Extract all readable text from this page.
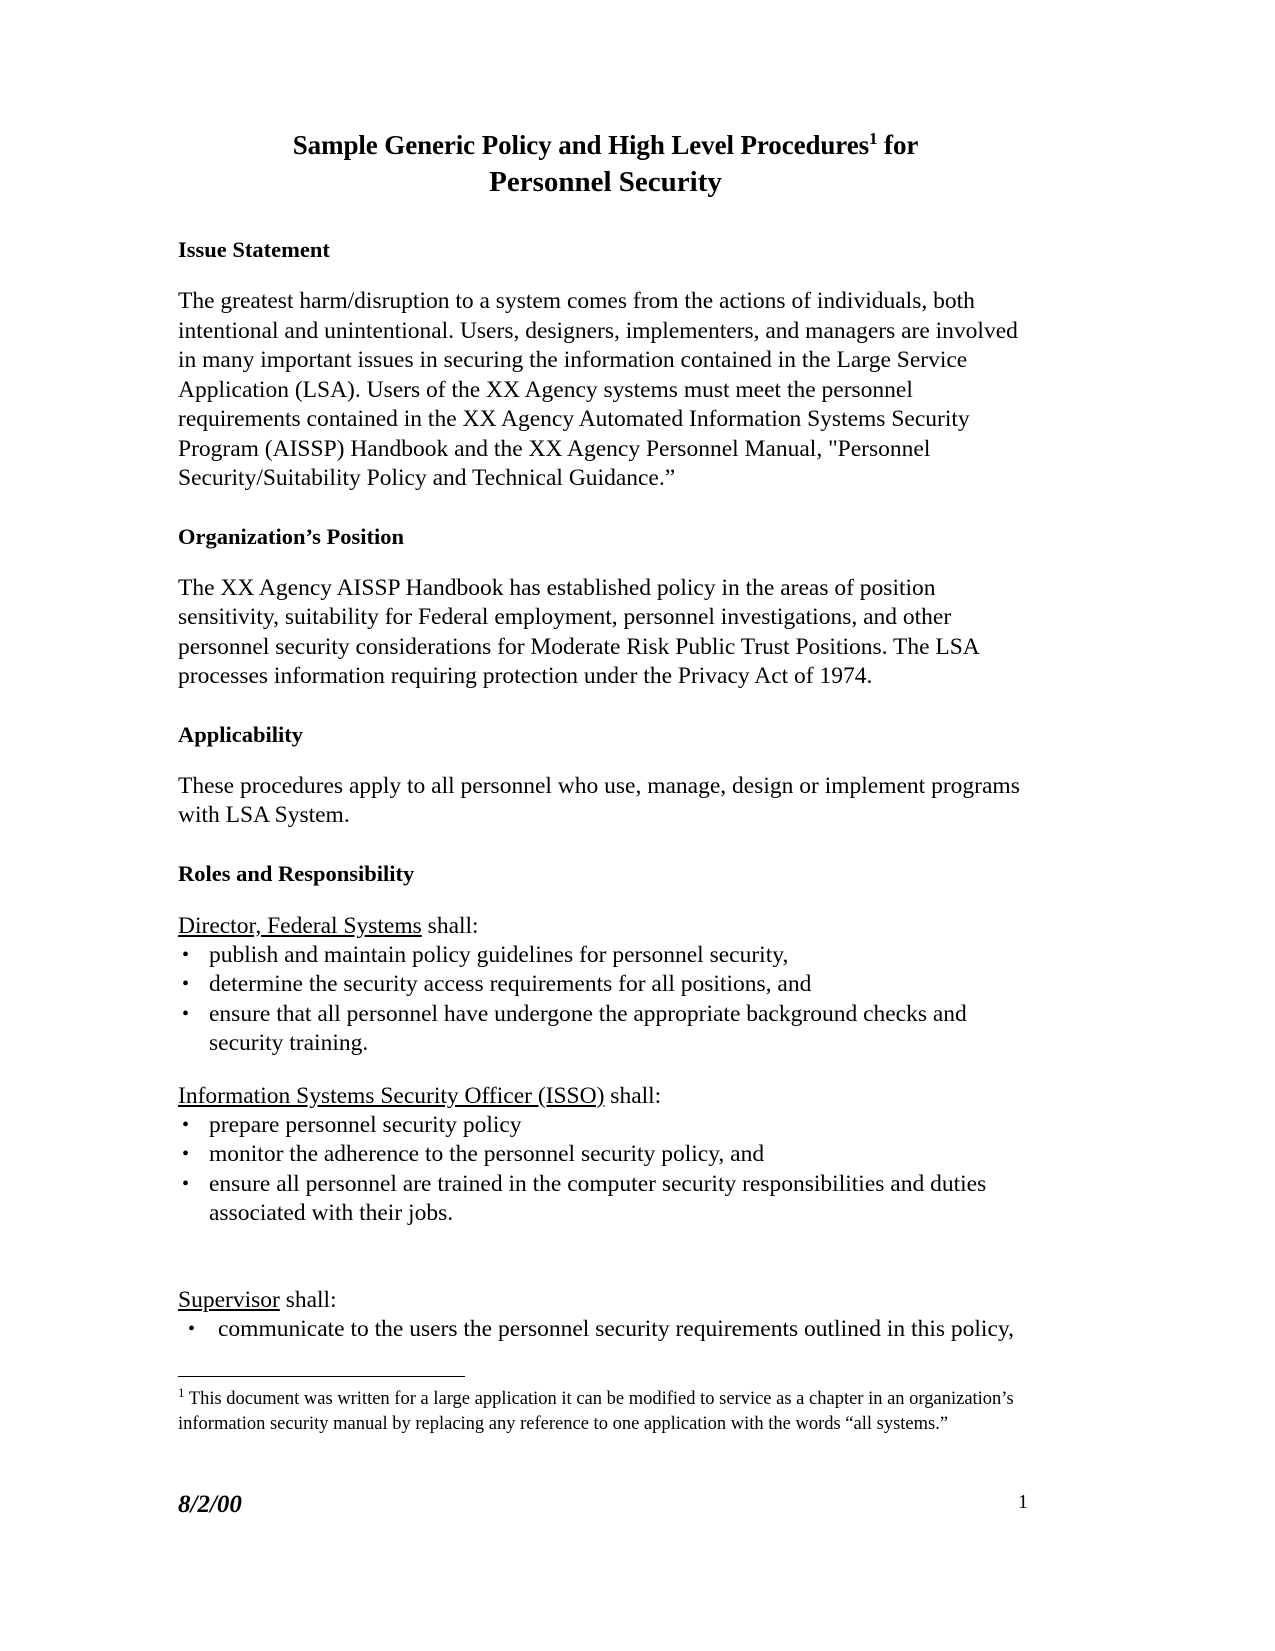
Sample Generic Policy and High Level Procedures$^1$ for
Personnel Security
Issue Statement

The greatest harm/disruption to a system comes from the actions of individuals, both intentional and unintentional. Users, designers, implementers, and managers are involved in many important issues in securing the information contained in the Large Service Application (LSA). Users of the XX Agency systems must meet the personnel requirements contained in the XX Agency Automated Information Systems Security Program (AISSP) Handbook and the XX Agency Personnel Manual, "Personnel Security/Suitability Policy and Technical Guidance.”

Organization’s Position

The XX Agency AISSP Handbook has established policy in the areas of position sensitivity, suitability for Federal employment, personnel investigations, and other personnel security considerations for Moderate Risk Public Trust Positions. The LSA processes information requiring protection under the Privacy Act of 1974.

Applicability

These procedures apply to all personnel who use, manage, design or implement programs with LSA System.

Roles and Responsibility
Director, Federal Systems shall:
• publish and maintain policy guidelines for personnel security,
• determine the security access requirements for all positions, and
• ensure that all personnel have undergone the appropriate background checks and security training.
Information Systems Security Officer (ISSO) shall:
• prepare personnel security policy
• monitor the adherence to the personnel security policy, and
• ensure all personnel are trained in the computer security responsibilities and duties associated with their jobs.
Supervisor shall:
• communicate to the users the personnel security requirements outlined in this policy,

$^1$ This document was written for a large application it can be modified to service as a chapter in an organization’s information security manual by replacing any reference to one application with the words “all systems.”

8/2/00	1
